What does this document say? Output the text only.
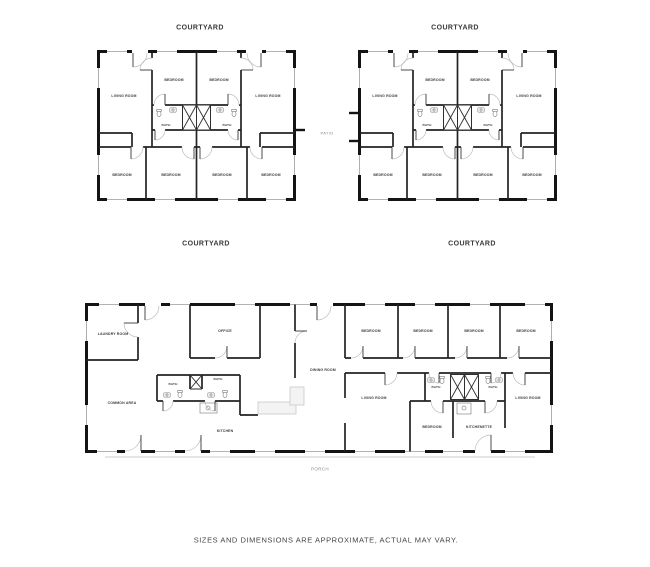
LIVING ROOM
BEDROOM	BEDROOM
LIVING ROOM
BATH	BATH
BEDROOM	BEDROOM	BEDROOM	BEDROOM
LIVING ROOM
BEDROOM	BEDROOM
LIVING ROOM
BATH	BATH
BEDROOM	BEDROOM	BEDROOM	BEDROOM
LAUNDRY ROOM
OFFICE
COMMON AREA
BATH
BATH
KITCHEN
DINING ROOM
BEDROOM	BEDROOM	BEDROOM	BEDROOM
LIVING ROOM
BATH	BATH
LIVING ROOM
BEDROOM	KITCHENETTE
COURTYARD	COURTYARD
COURTYARD	COURTYARD
PATIO
PORCH
SIZES AND DIMENSIONS ARE APPROXIMATE, ACTUAL MAY VARY.
